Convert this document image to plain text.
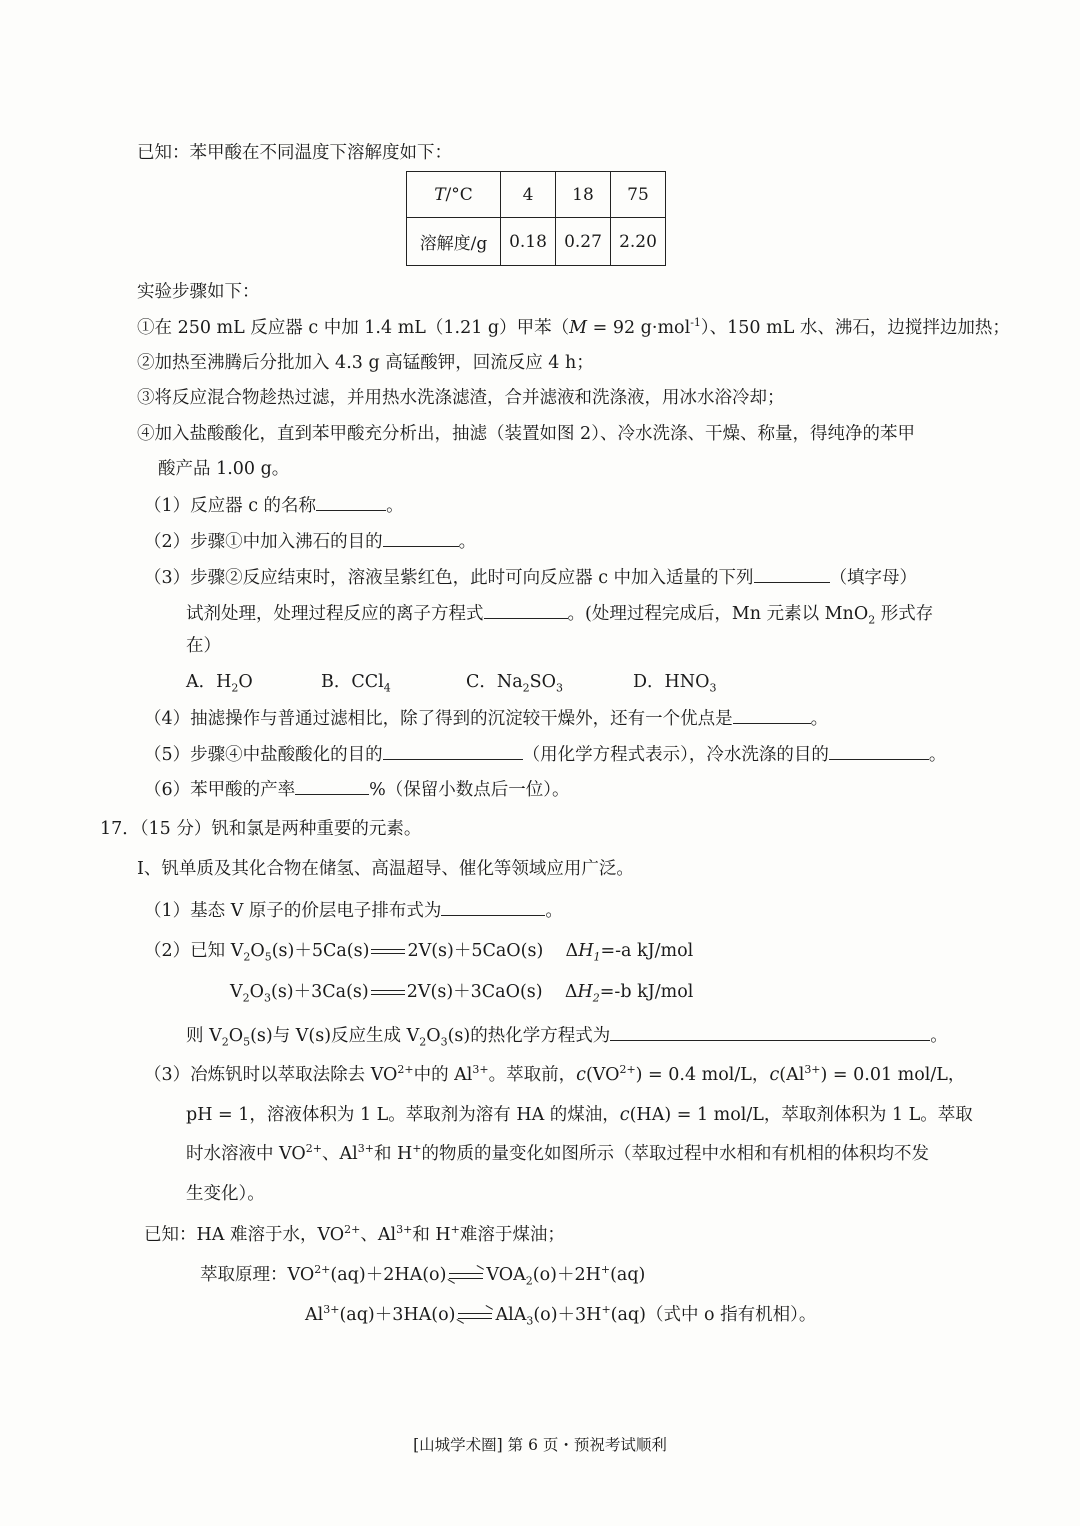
已知：苯甲酸在不同温度下溶解度如下：
T/°C	4	18	75
溶解度/g	0.18	0.27	2.20
实验步骤如下：
①在 250 mL 反应器 c 中加 1.4 mL（1.21 g）甲苯（M = 92 g·mol$^{-1}$）、150 mL 水、沸石，边搅拌边加热；
②加热至沸腾后分批加入 4.3 g 高锰酸钾，回流反应 4 h；
③将反应混合物趁热过滤，并用热水洗涤滤渣，合并滤液和洗涤液，用冰水浴冷却；
④加入盐酸酸化，直到苯甲酸充分析出，抽滤（装置如图 2）、冷水洗涤、干燥、称量，得纯净的苯甲
酸产品 1.00 g。
（1）反应器 c 的名称	。
（2）步骤①中加入沸石的目的	。
（3）步骤②反应结束时，溶液呈紫红色，此时可向反应器 c 中加入适量的下列	（填字母）
试剂处理，处理过程反应的离子方程式	。(处理过程完成后，Mn 元素以 MnO$_2$ 形式存
在）
A．$H_2O$	B．CCl$_4$	C．$Na_2SO_3$	D．$HNO_3$
（4）抽滤操作与普通过滤相比，除了得到的沉淀较干燥外，还有一个优点是	。
（5）步骤④中盐酸酸化的目的	（用化学方程式表示），冷水洗涤的目的	。
（6）苯甲酸的产率	%（保留小数点后一位）。
17．（15 分）钒和氯是两种重要的元素。
I、钒单质及其化合物在储氢、高温超导、催化等领域应用广泛。
（1）基态 V 原子的价层电子排布式为	。
（2）已知 $V_2O_5(s)+5Ca(s)$ 2V(s)＋5CaO(s)    $\Delta H_1=-a$ kJ/mol
$V_2O_3(s)+3Ca(s)$ 2V(s)＋3CaO(s)    $\Delta H_2=-b$ kJ/mol
则 $V_2O_5(s)$与 V(s)反应生成 $V_2O_3(s)$的热化学方程式为	。
（3）冶炼钒时以萃取法除去 $VO^{2+}$中的 $Al^{3+}$。萃取前，$c(VO^{2+}) = 0.4$ mol/L，$c(Al^{3+}) = 0.01$ mol/L，
pH = 1，溶液体积为 1 L。萃取剂为溶有 HA 的煤油，c(HA) = 1 mol/L，萃取剂体积为 1 L。萃取
时水溶液中 $VO^{2+}$、$Al^{3+}$和 H+的物质的量变化如图所示（萃取过程中水相和有机相的体积均不发
生变化）。
已知：HA 难溶于水，$VO^{2+}$、$Al^{3+}$和 H+难溶于煤油；
萃取原理：$VO^{2+}(aq)+2HA(o)$ $VOA_2(o)+2H^+(aq)$
$Al^{3+}(aq)+3HA(o)$ AlA$_3$(o)＋3H+(aq)（式中 o 指有机相）。
[山城学术圈] 第 6 页・预祝考试顺利
